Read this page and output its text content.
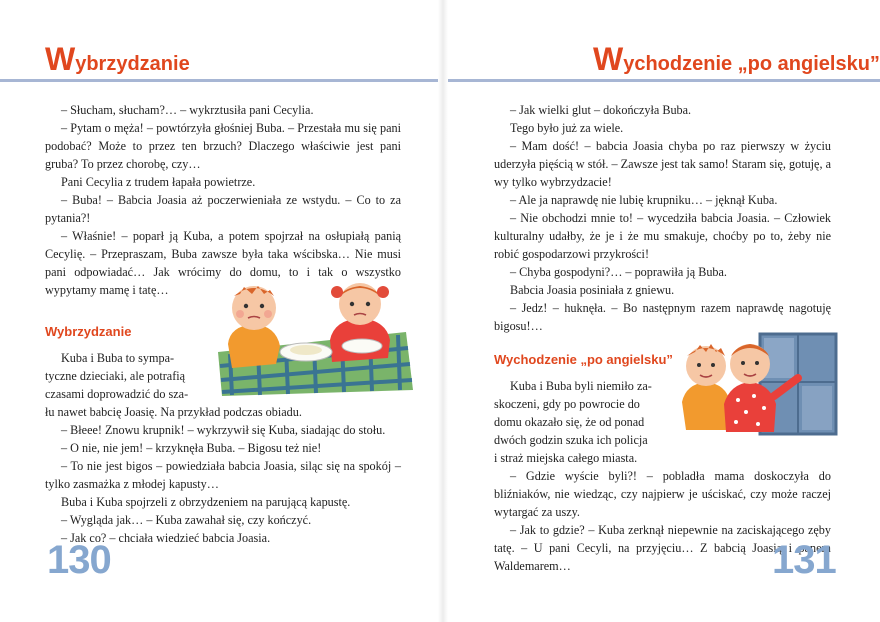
Wybrzydzanie

– Słucham, słucham?… – wykrztusiła pani Cecylia.

– Pytam o męża! – powtórzyła głośniej Buba. – Przestała mu się pani podobać? Może to przez ten brzuch? Dlaczego właściwie jest pani gruba? To przez chorobę, czy…

Pani Cecylia z trudem łapała powietrze.

– Buba! – Babcia Joasia aż poczerwieniała ze wstydu. – Co to za pytania?!

– Właśnie! – poparł ją Kuba, a potem spojrzał na osłupiałą panią Cecylię. – Przepraszam, Buba zawsze była taka wścibska… Nie musi pani odpowiadać… Jak wrócimy do domu, to i tak o wszystko wypytamy mamę i tatę…

Wybrzydzanie

Kuba i Buba to sympa-

tyczne dzieciaki, ale potrafią

czasami doprowadzić do sza-

łu nawet babcię Joasię. Na przykład podczas obiadu.

– Błeee! Znowu krupnik! – wykrzywił się Kuba, siadając do stołu.

– O nie, nie jem! – krzyknęła Buba. – Bigosu też nie!

– To nie jest bigos – powiedziała babcia Joasia, siląc się na spokój – tylko zasmażka z młodej kapusty…

Buba i Kuba spojrzeli z obrzydzeniem na parującą kapustę.

– Wygląda jak… – Kuba zawahał się, czy kończyć.

– Jak co? – chciała wiedzieć babcia Joasia.

130
Wychodzenie „po angielsku”

– Jak wielki glut – dokończyła Buba.

Tego było już za wiele.

– Mam dość! – babcia Joasia chyba po raz pierwszy w życiu uderzyła pięścią w stół. – Zawsze jest tak samo! Staram się, gotuję, a wy tylko wybrzydzacie!

– Ale ja naprawdę nie lubię krupniku… – jęknął Kuba.

– Nie obchodzi mnie to! – wycedziła babcia Joasia. – Człowiek kulturalny udałby, że je i że mu smakuje, choćby po to, żeby nie robić gospodarzowi przykrości!

– Chyba gospodyni?… – poprawiła ją Buba.

Babcia Joasia posiniała z gniewu.

– Jedz! – huknęła. – Bo następnym razem naprawdę nagotuję bigosu!…

Wychodzenie „po angielsku”

Kuba i Buba byli niemiło za-

skoczeni, gdy po powrocie do

domu okazało się, że od ponad

dwóch godzin szuka ich policja

i straż miejska całego miasta.

– Gdzie wyście byli?! – pobladła mama doskoczyła do bliźniaków, nie wiedząc, czy najpierw je uściskać, czy może raczej wytargać za uszy.

– Jak to gdzie? – Kuba zerknął niepewnie na zaciskającego zęby tatę. – U pani Cecyli, na przyjęciu… Z babcią Joasią i panem Waldemarem…	131
